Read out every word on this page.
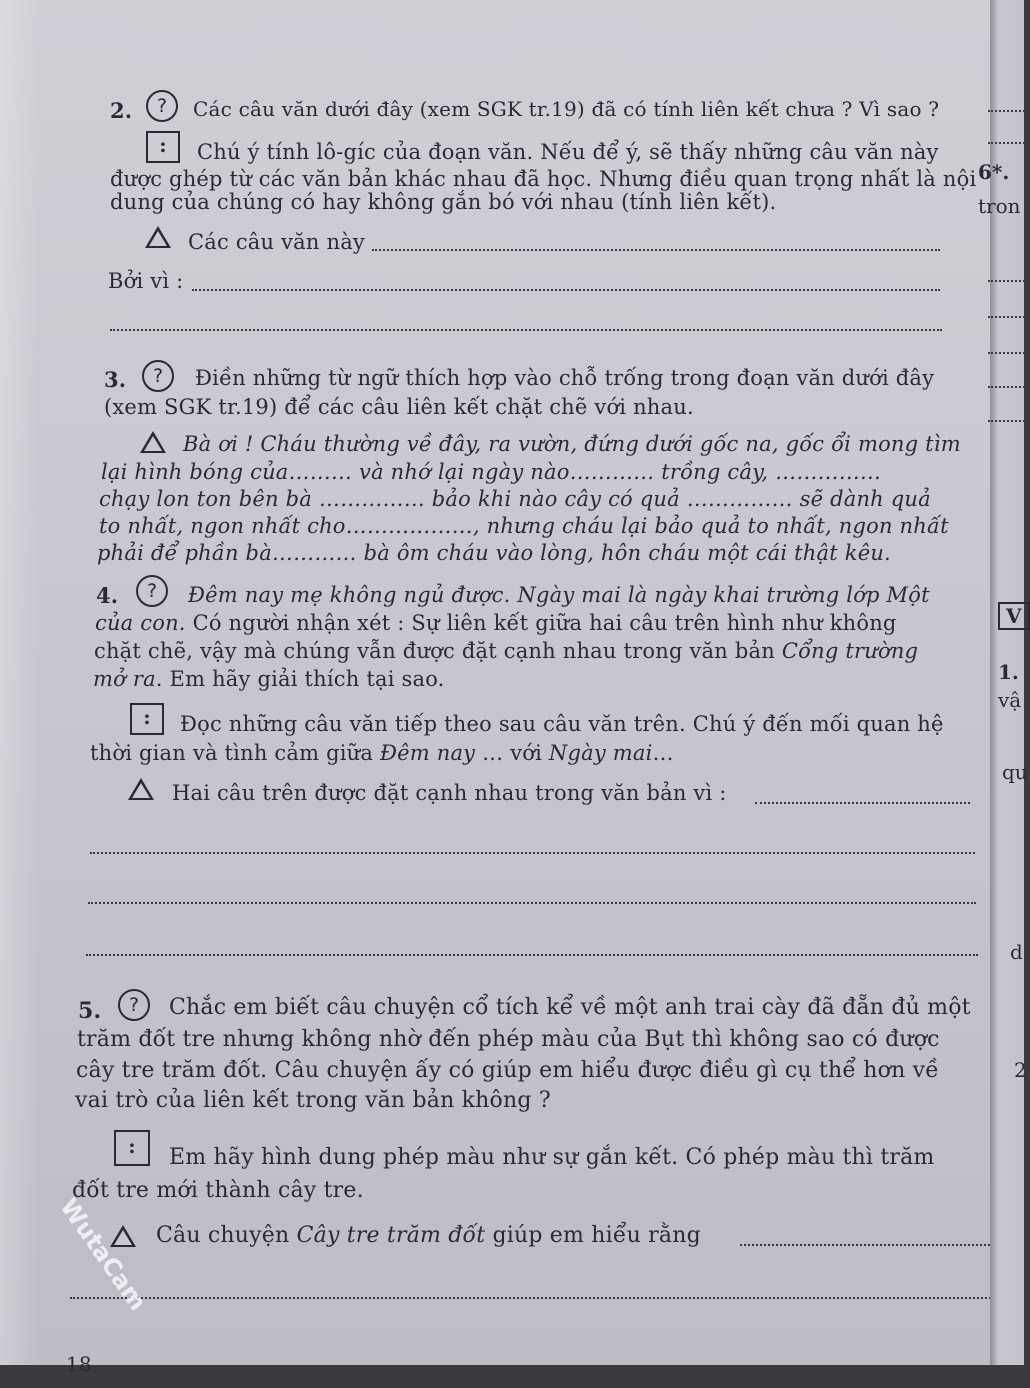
2.	?	Các câu văn dưới đây (xem SGK tr.19) đã có tính liên kết chưa ? Vì sao ?
:	Chú ý tính lô-gíc của đoạn văn. Nếu để ý, sẽ thấy những câu văn này
được ghép từ các văn bản khác nhau đã học. Nhưng điều quan trọng nhất là nội
dung của chúng có hay không gắn bó với nhau (tính liên kết).
Các câu văn này
Bởi vì :
3.	?	Điền những từ ngữ thích hợp vào chỗ trống trong đoạn văn dưới đây
(xem SGK tr.19) để các câu liên kết chặt chẽ với nhau.
Bà ơi ! Cháu thường về đây, ra vườn, đứng dưới gốc na, gốc ổi mong tìm
lại hình bóng của……… và nhớ lại ngày nào………… trồng cây, ……………
chạy lon ton bên bà …………… bảo khi nào cây có quả …………… sẽ dành quả
to nhất, ngon nhất cho………………, nhưng cháu lại bảo quả to nhất, ngon nhất
phải để phần bà………… bà ôm cháu vào lòng, hôn cháu một cái thật kêu.
4.	?	Đêm nay mẹ không ngủ được. Ngày mai là ngày khai trường lớp Một
của con. Có người nhận xét : Sự liên kết giữa hai câu trên hình như không
chặt chẽ, vậy mà chúng vẫn được đặt cạnh nhau trong văn bản Cổng trường
mở ra. Em hãy giải thích tại sao.
:	Đọc những câu văn tiếp theo sau câu văn trên. Chú ý đến mối quan hệ
thời gian và tình cảm giữa Đêm nay … với Ngày mai…
Hai câu trên được đặt cạnh nhau trong văn bản vì :
5.	?	Chắc em biết câu chuyện cổ tích kể về một anh trai cày đã đẵn đủ một
trăm đốt tre nhưng không nhờ đến phép màu của Bụt thì không sao có được
cây tre trăm đốt. Câu chuyện ấy có giúp em hiểu được điều gì cụ thể hơn về
vai trò của liên kết trong văn bản không ?
:	Em hãy hình dung phép màu như sự gắn kết. Có phép màu thì trăm
đốt tre mới thành cây tre.
Câu chuyện Cây tre trăm đốt giúp em hiểu rằng
18
WutaCam
6*.
tron
V
1.
vậ
qu
d
2
